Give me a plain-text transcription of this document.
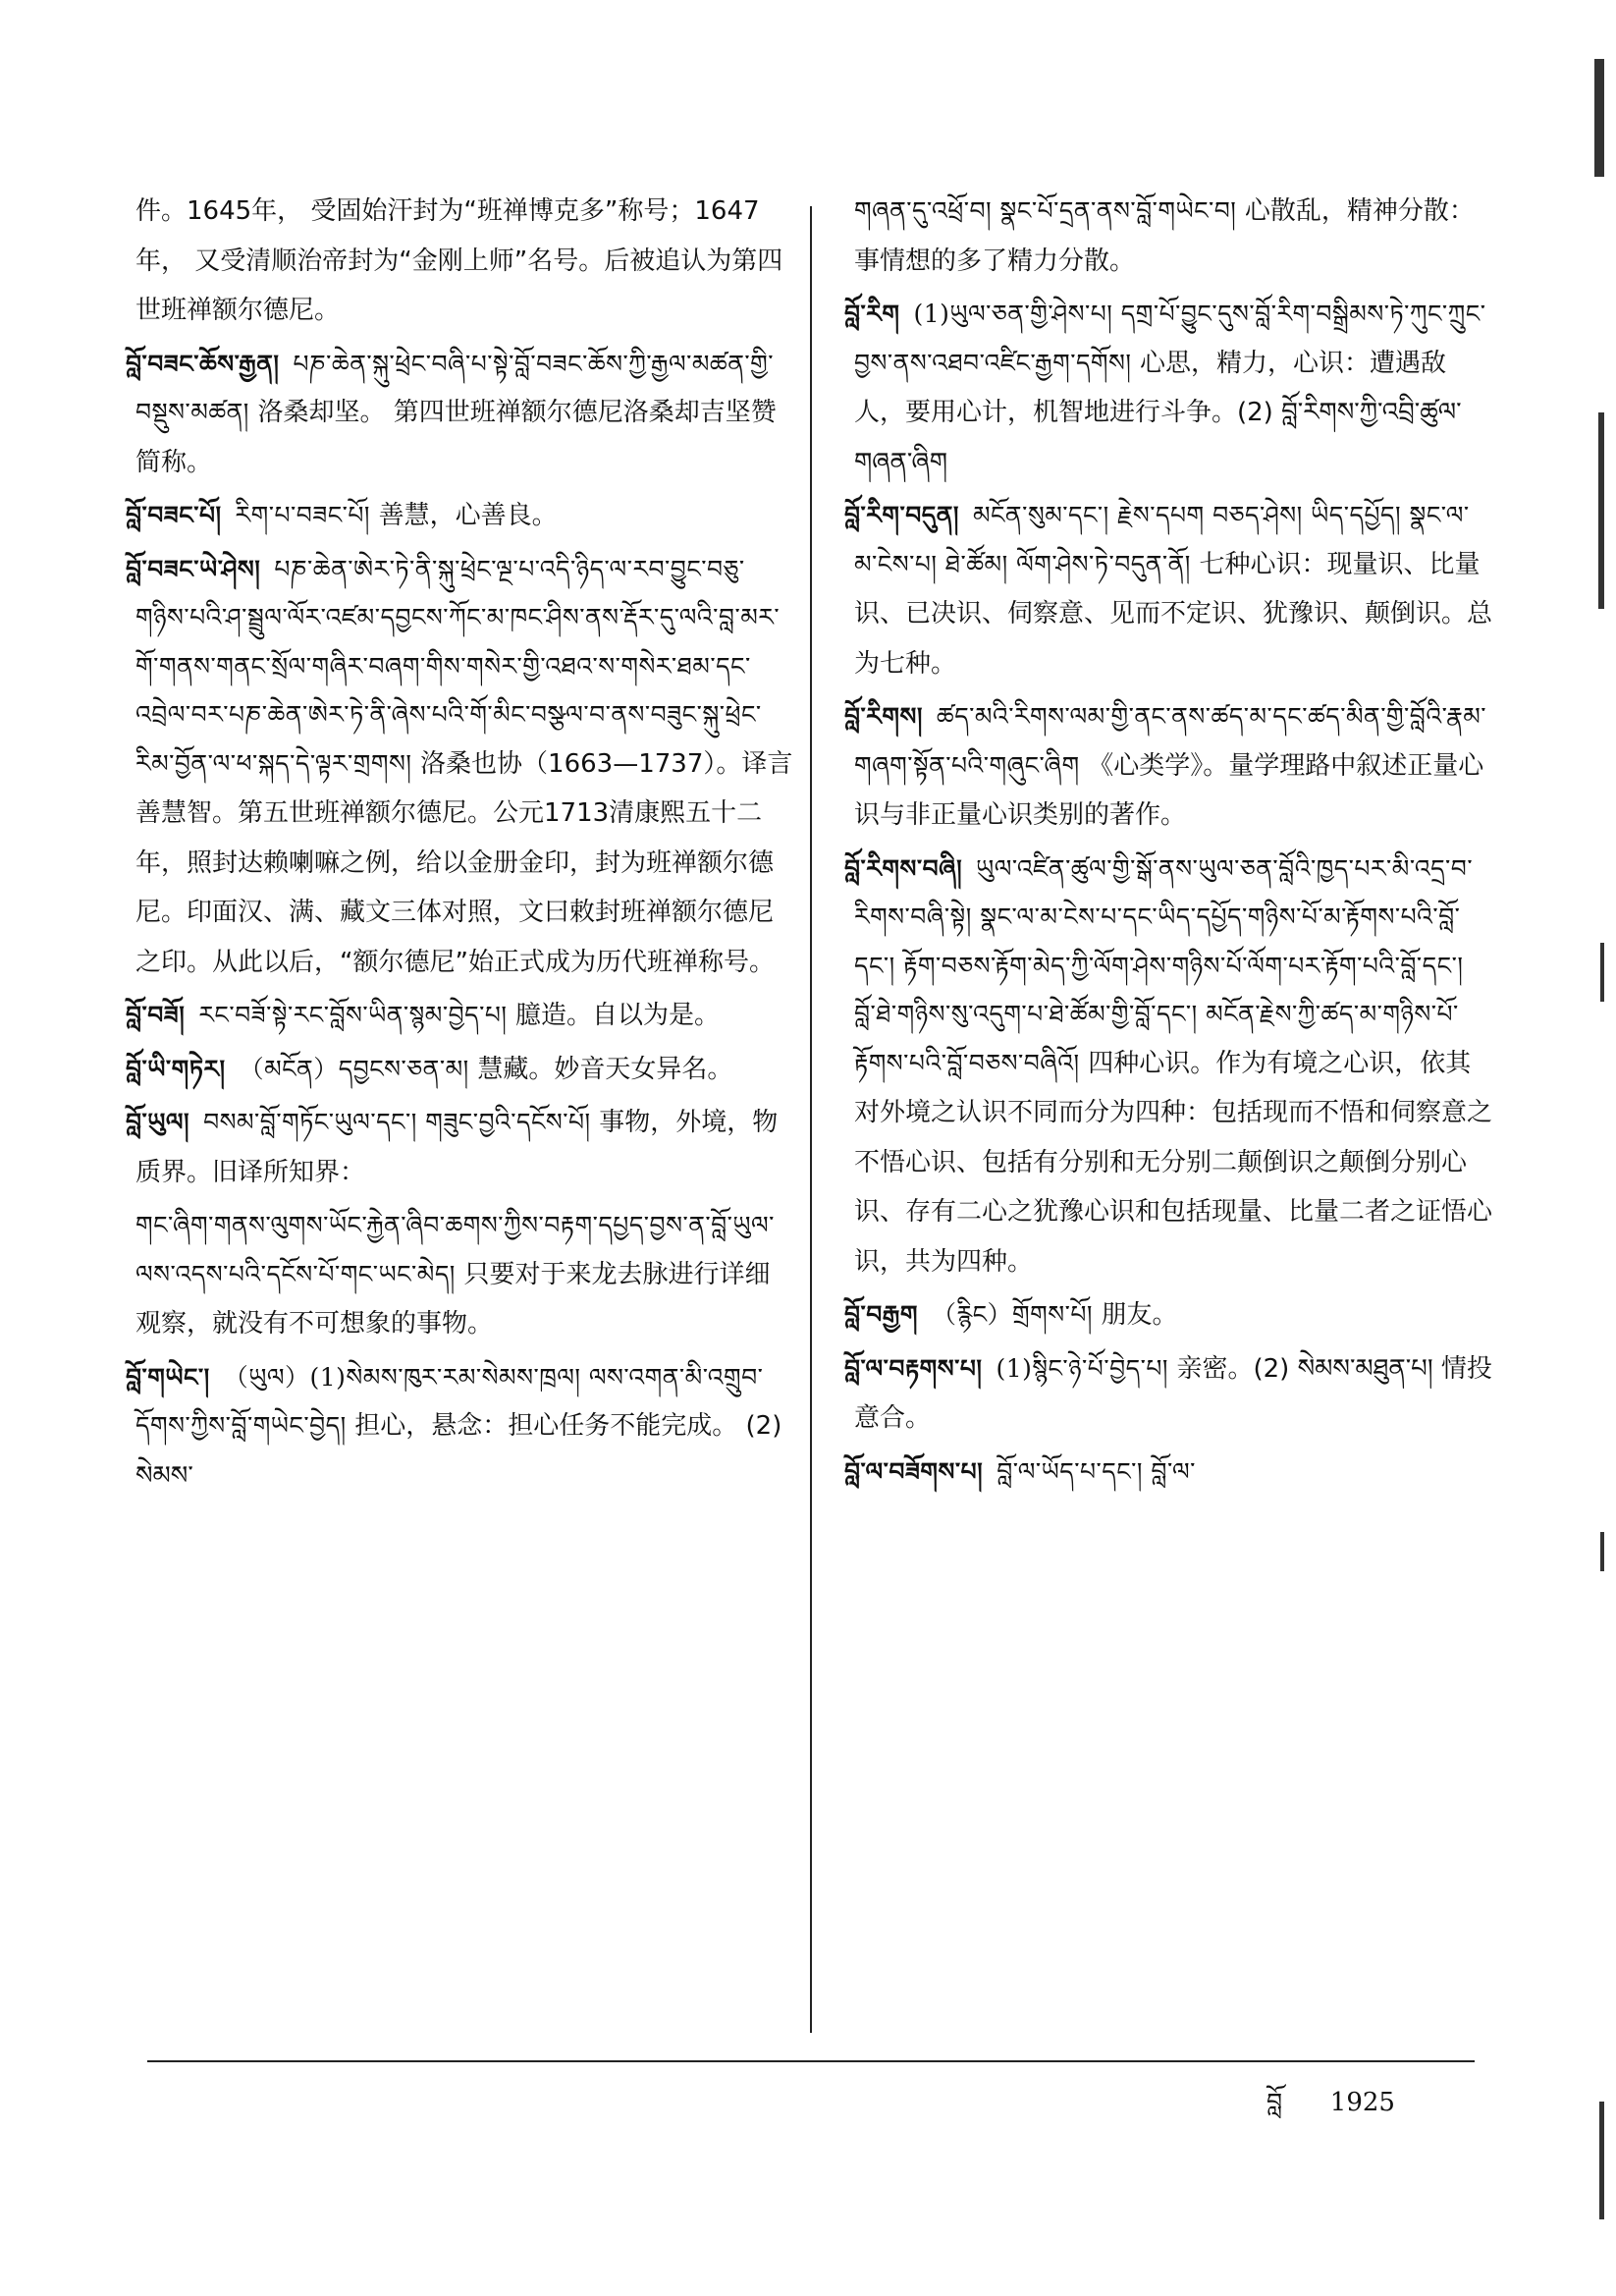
件。1645年， 受固始汗封为“班禅博克多”称号；1647年， 又受清顺治帝封为“金刚上师”名号。后被追认为第四世班禅额尔德尼。

བློ་བཟང་ཆོས་རྒྱན། པཎ་ཆེན་སྐུ་ཕྲེང་བཞི་པ་སྟེ་བློ་བཟང་ཆོས་ཀྱི་རྒྱལ་མཚན་གྱི་བསྡུས་མཚན། 洛桑却坚。 第四世班禅额尔德尼洛桑却吉坚赞简称。

བློ་བཟང་པོ། རིག་པ་བཟང་པོ། 善慧，心善良。

བློ་བཟང་ཡེ་ཤེས། པཎ་ཆེན་ཨེར་ཏེ་ནི་སྐུ་ཕྲེང་ལྔ་པ་འདི་ཉིད་ལ་རབ་བྱུང་བཅུ་གཉིས་པའི་ཤ་སྦྲུལ་ལོར་འཛམ་དབྱངས་ཀོང་མ་ཁང་ཤིས་ནས་རྡོར་དུ་ལའི་བླ་མར་གོ་གནས་གནང་སྲོལ་གཞིར་བཞག་གིས་གསེར་གྱི་འཐའ་ས་གསེར་ཐམ་དང་འབྲེལ་བར་པཎ་ཆེན་ཨེར་ཏེ་ནི་ཞེས་པའི་གོ་མིང་བསྩལ་བ་ནས་བཟུང་སྐུ་ཕྲེང་རིམ་བྱོན་ལ་ཕ་སྐད་དེ་ལྟར་གྲགས། 洛桑也协（1663—1737）。译言善慧智。第五世班禅额尔德尼。公元1713清康熙五十二年，照封达赖喇嘛之例，给以金册金印，封为班禅额尔德尼。印面汉、满、藏文三体对照，文曰敕封班禅额尔德尼之印。从此以后，“额尔德尼”始正式成为历代班禅称号。

བློ་བཟོ། རང་བཟོ་སྟེ་རང་བློས་ཡིན་སྙམ་བྱེད་པ། 臆造。自以为是。

བློ་ཡི་གཏེར། （མངོན）དབྱངས་ཅན་མ། 慧藏。妙音天女异名。

བློ་ཡུལ། བསམ་བློ་གཏོང་ཡུལ་དང་། གཟུང་བྱའི་དངོས་པོ། 事物，外境，物质界。旧译所知界：

གང་ཞིག་གནས་ལུགས་ཡོང་རྐྱེན་ཞིབ་ཆགས་ཀྱིས་བརྟག་དཔྱད་བྱས་ན་བློ་ཡུལ་ལས་འདས་པའི་དངོས་པོ་གང་ཡང་མེད། 只要对于来龙去脉进行详细观察，就没有不可想象的事物。

བློ་གཡེང་། （ཡུལ）(1)སེམས་ཁུར་རམ་སེམས་ཁྲལ། ལས་འགན་མི་འགྲུབ་དོགས་ཀྱིས་བློ་གཡེང་བྱེད། 担心，悬念：担心任务不能完成。 (2) སེམས་

གཞན་དུ་འཕྲོ་བ། སྣང་པོ་དྲན་ནས་བློ་གཡེང་བ། 心散乱，精神分散：事情想的多了精力分散。

བློ་རིག (1)ཡུལ་ཅན་གྱི་ཤེས་པ། དགྲ་པོ་བྱུང་དུས་བློ་རིག་བསྒྲིམས་ཏེ་ཀུང་ཀྲུང་བྱས་ནས་འཐབ་འཛིང་རྒྱག་དགོས། 心思，精力，心识：遭遇敌人，要用心计，机智地进行斗争。(2) བློ་རིགས་ཀྱི་འབྲི་ཚུལ་གཞན་ཞིག

བློ་རིག་བདུན། མངོན་སུམ་དང་། རྗེས་དཔག བཅད་ཤེས། ཡིད་དཔྱོད། སྣང་ལ་མ་ངེས་པ། ཐེ་ཚོམ། ལོག་ཤེས་ཏེ་བདུན་ནོ། 七种心识：现量识、比量识、已决识、伺察意、见而不定识、犹豫识、颠倒识。总为七种。

བློ་རིགས། ཚད་མའི་རིགས་ལམ་གྱི་ནང་ནས་ཚད་མ་དང་ཚད་མིན་གྱི་བློའི་རྣམ་གཞག་སྟོན་པའི་གཞུང་ཞིག 《心类学》。量学理路中叙述正量心识与非正量心识类别的著作。

བློ་རིགས་བཞི། ཡུལ་འཛིན་ཚུལ་གྱི་སྒོ་ནས་ཡུལ་ཅན་བློའི་ཁྱད་པར་མི་འདྲ་བ་རིགས་བཞི་སྟེ། སྣང་ལ་མ་ངེས་པ་དང་ཡིད་དཔྱོད་གཉིས་པོ་མ་རྟོགས་པའི་བློ་དང་། རྟོག་བཅས་རྟོག་མེད་ཀྱི་ལོག་ཤེས་གཉིས་པོ་ལོག་པར་རྟོག་པའི་བློ་དང་། བློ་ཐེ་གཉིས་སུ་འདུག་པ་ཐེ་ཚོམ་གྱི་བློ་དང་། མངོན་རྗེས་ཀྱི་ཚད་མ་གཉིས་པོ་རྟོགས་པའི་བློ་བཅས་བཞིའོ། 四种心识。作为有境之心识，依其对外境之认识不同而分为四种：包括现而不悟和伺察意之不悟心识、包括有分别和无分别二颠倒识之颠倒分别心识、存有二心之犹豫心识和包括现量、比量二者之证悟心识，共为四种。

བློ་བརྒྱག （རྙིང）གྲོགས་པོ། 朋友。

བློ་ལ་བརྟགས་པ། (1)སྙིང་ཉེ་པོ་བྱེད་པ། 亲密。(2) སེམས་མཐུན་པ། 情投意合。

བློ་ལ་བཟོགས་པ། བློ་ལ་ཡོད་པ་དང་། བློ་ལ་

བློ 1925
